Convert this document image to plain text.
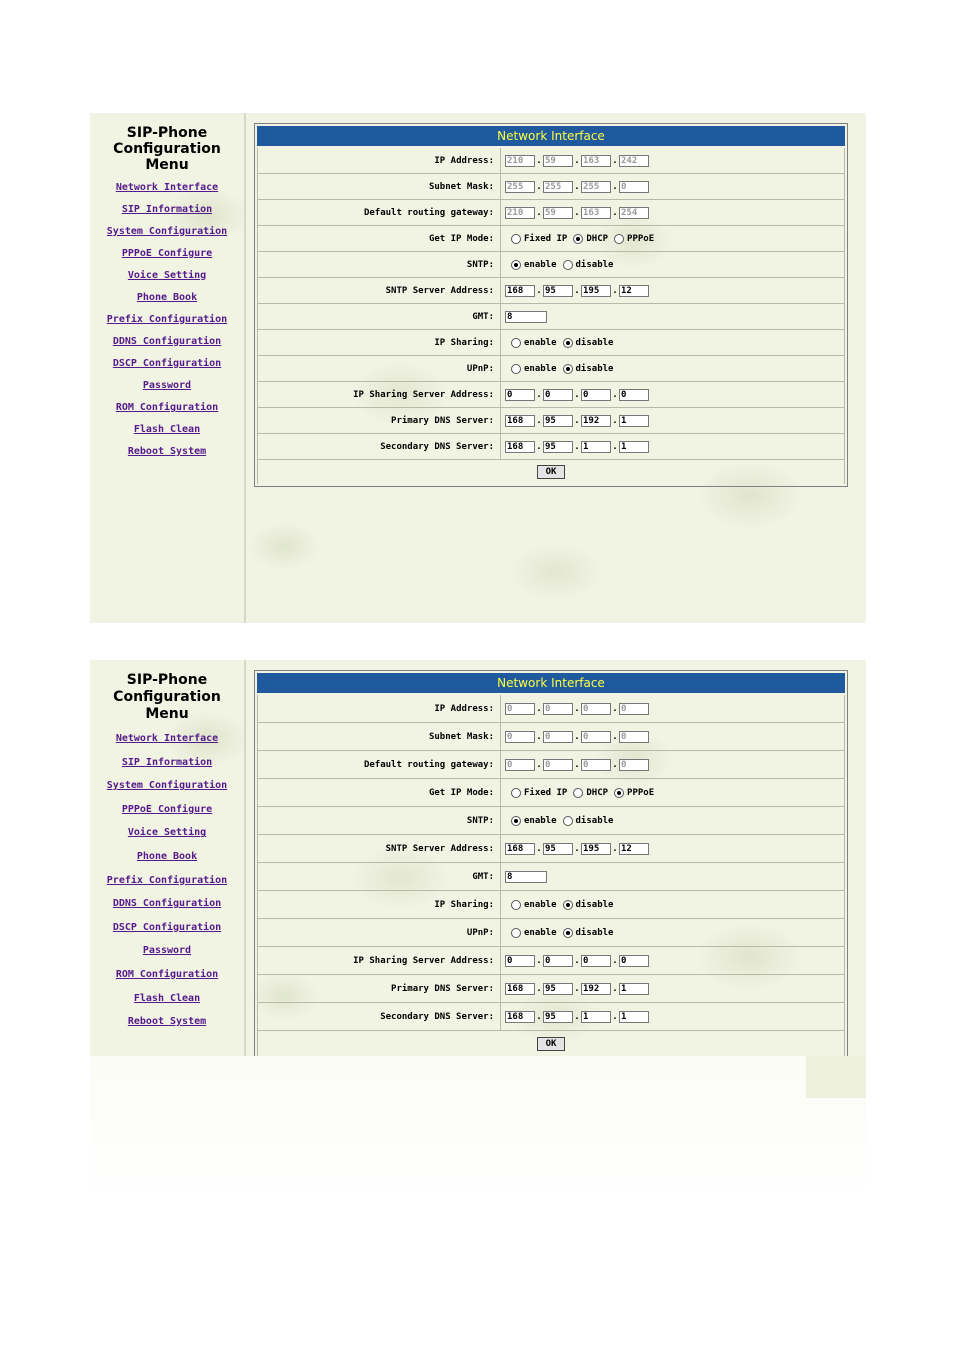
SIP-Phone
Configuration
Menu
Network Interface
SIP Information
System Configuration
PPPoE Configure
Voice Setting
Phone Book
Prefix Configuration
DDNS Configuration
DSCP Configuration
Password
ROM Configuration
Flash Clean
Reboot System
Network Interface
IP Address:	210	. 59	. 163	. 242
Subnet Mask:	255	. 255	. 255	. 0
Default routing gateway:	210	. 59	. 163	. 254
Get IP Mode:	Fixed IP DHCP PPPoE
SNTP:	enable disable
SNTP Server Address:	168	. 95	. 195	. 12
GMT:	8
IP Sharing:	enable disable
UPnP:	enable disable
IP Sharing Server Address:	0	. 0	. 0	. 0
Primary DNS Server:	168	. 95	. 192	. 1
Secondary DNS Server:	168	. 95	. 1	. 1
OK
SIP-Phone
Configuration
Menu
Network Interface
SIP Information
System Configuration
PPPoE Configure
Voice Setting
Phone Book
Prefix Configuration
DDNS Configuration
DSCP Configuration
Password
ROM Configuration
Flash Clean
Reboot System
Network Interface
IP Address:	0	. 0	. 0	. 0
Subnet Mask:	0	. 0	. 0	. 0
Default routing gateway:	0	. 0	. 0	. 0
Get IP Mode:	Fixed IP DHCP PPPoE
SNTP:	enable disable
SNTP Server Address:	168	. 95	. 195	. 12
GMT:	8
IP Sharing:	enable disable
UPnP:	enable disable
IP Sharing Server Address:	0	. 0	. 0	. 0
Primary DNS Server:	168	. 95	. 192	. 1
Secondary DNS Server:	168	. 95	. 1	. 1
OK
